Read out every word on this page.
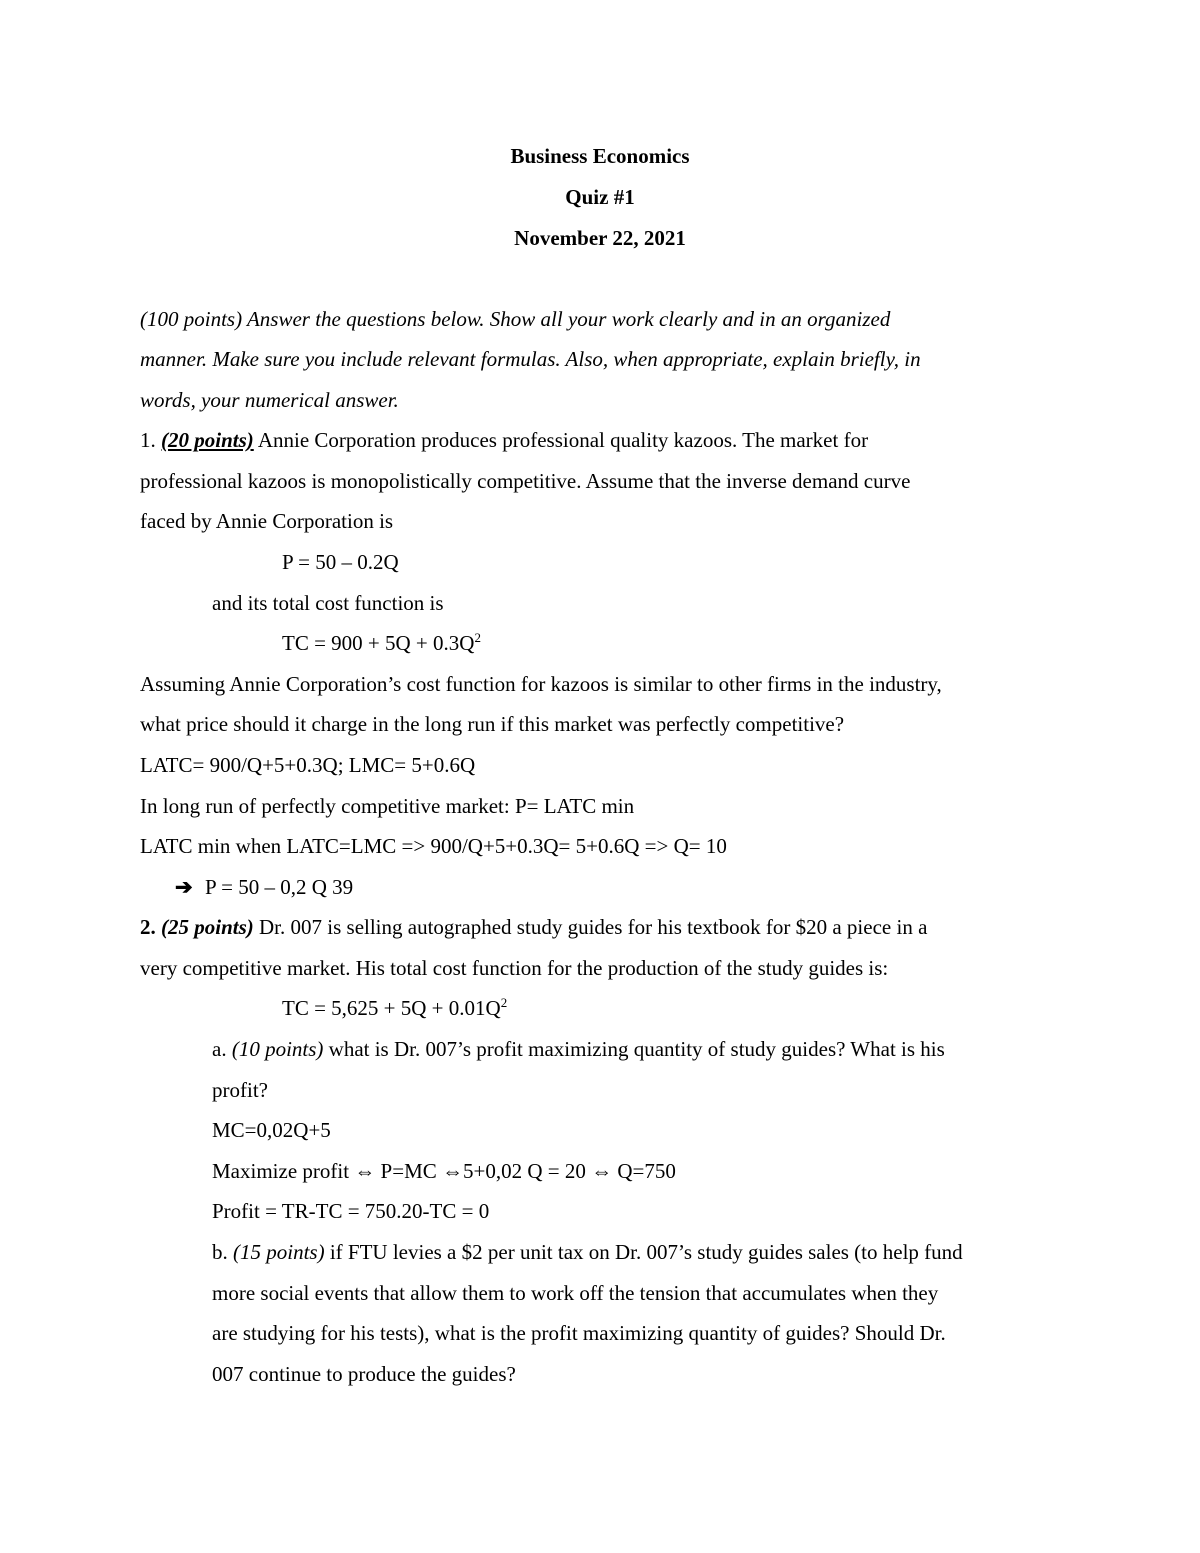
Business Economics
Quiz #1
November 22, 2021
(100 points) Answer the questions below. Show all your work clearly and in an organized
manner. Make sure you include relevant formulas. Also, when appropriate, explain briefly, in
words, your numerical answer.
1. (20 points) Annie Corporation produces professional quality kazoos. The market for
professional kazoos is monopolistically competitive. Assume that the inverse demand curve
faced by Annie Corporation is
P = 50 – 0.2Q
and its total cost function is
TC = $900 + 5Q + 0.3Q^2$
Assuming Annie Corporation’s cost function for kazoos is similar to other firms in the industry,
what price should it charge in the long run if this market was perfectly competitive?
LATC= 900/Q+5+0.3Q; LMC= 5+0.6Q
In long run of perfectly competitive market: P= LATC min
LATC min when LATC=LMC => 900/Q+5+0.3Q= 5+0.6Q => Q= 10
➔ P = 50 – 0,2 Q 39
2. (25 points) Dr. 007 is selling autographed study guides for his textbook for $20 a piece in a
very competitive market. His total cost function for the production of the study guides is:
TC = $5,625 + 5Q + 0.01Q^2$
a. (10 points) what is Dr. 007’s profit maximizing quantity of study guides? What is his
profit?
MC=0,02Q+5
Maximize profit ⇔ P=MC ⇔5+0,02 Q = 20 ⇔ Q=750
Profit = TR-TC = 750.20-TC = 0
b. (15 points) if FTU levies a $2 per unit tax on Dr. 007’s study guides sales (to help fund
more social events that allow them to work off the tension that accumulates when they
are studying for his tests), what is the profit maximizing quantity of guides? Should Dr.
007 continue to produce the guides?
